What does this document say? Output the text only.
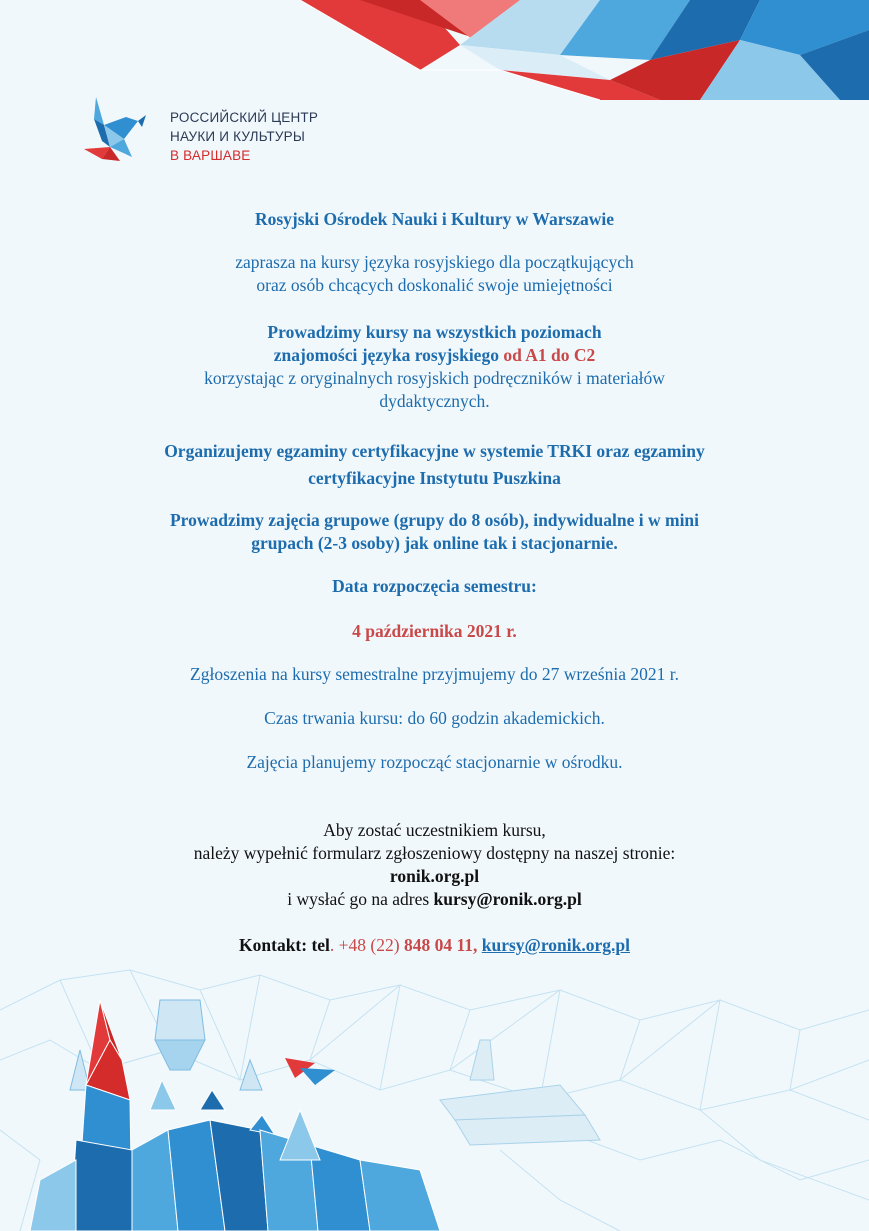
РОССИЙСКИЙ ЦЕНТР
НАУКИ И КУЛЬТУРЫ
В ВАРШАВЕ
Rosyjski Ośrodek Nauki i Kultury w Warszawie
zaprasza na kursy języka rosyjskiego dla początkujących
oraz osób chcących doskonalić swoje umiejętności
Prowadzimy kursy na wszystkich poziomach
znajomości języka rosyjskiego od A1 do C2
korzystając z oryginalnych rosyjskich podręczników i materiałów
dydaktycznych.
Organizujemy egzaminy certyfikacyjne w systemie TRKI oraz egzaminy
certyfikacyjne Instytutu Puszkina
Prowadzimy zajęcia grupowe (grupy do 8 osób), indywidualne i w mini
grupach (2-3 osoby) jak online tak i stacjonarnie.
Data rozpoczęcia semestru:
4 października 2021 r.
Zgłoszenia na kursy semestralne przyjmujemy do 27 września 2021 r.
Czas trwania kursu: do 60 godzin akademickich.
Zajęcia planujemy rozpocząć stacjonarnie w ośrodku.
Aby zostać uczestnikiem kursu,
należy wypełnić formularz zgłoszeniowy dostępny na naszej stronie:
ronik.org.pl
i wysłać go na adres kursy@ronik.org.pl
Kontakt: tel. +48 (22) 848 04 11, kursy@ronik.org.pl
